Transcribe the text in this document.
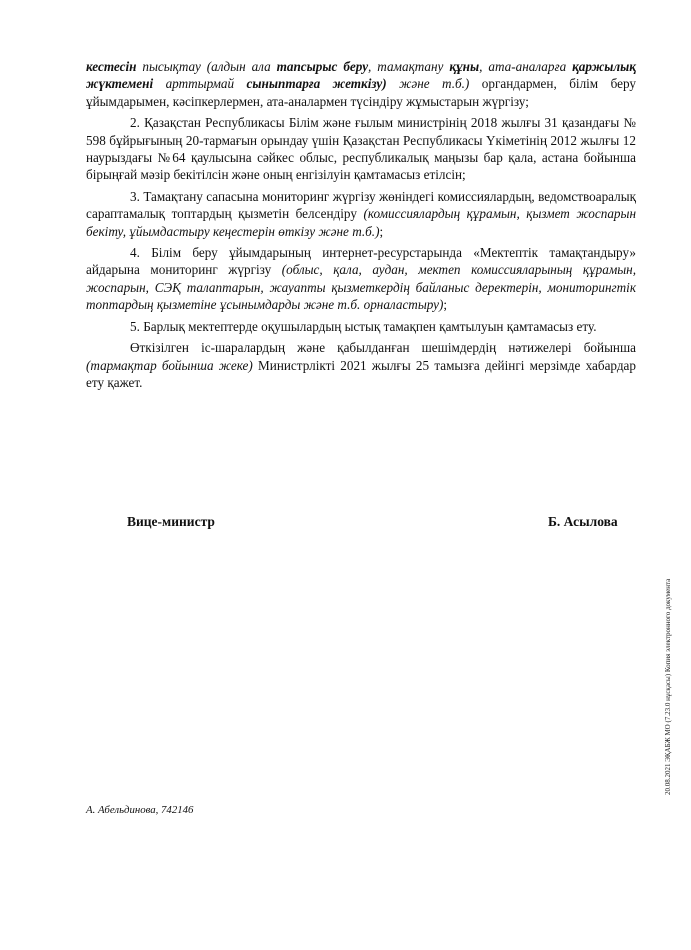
кестесін пысықтау (алдын ала тапсырыс беру, тамақтану құны, ата-аналарға қаржылық жүктемені арттырмай сыныптарға жеткізу) және т.б.) органдармен, білім беру ұйымдарымен, кәсіпкерлермен, ата-аналармен түсіндіру жұмыстарын жүргізу;

2. Қазақстан Республикасы Білім және ғылым министрінің 2018 жылғы 31 қазандағы № 598 бұйрығының 20-тармағын орындау үшін Қазақстан Республикасы Үкіметінің 2012 жылғы 12 наурыздағы №64 қаулысына сәйкес облыс, республикалық маңызы бар қала, астана бойынша бірыңғай мәзір бекітілсін және оның енгізілуін қамтамасыз етілсін;

3. Тамақтану сапасына мониторинг жүргізу жөніндегі комиссиялардың, ведомствоаралық сараптамалық топтардың қызметін белсендіру (комиссиялардың құрамын, қызмет жоспарын бекіту, ұйымдастыру кеңестерін өткізу және т.б.);

4. Білім беру ұйымдарының интернет-ресурстарында «Мектептік тамақтандыру» айдарына мониторинг жүргізу (облыс, қала, аудан, мектеп комиссияларының құрамын, жоспарын, СЭҚ талаптарын, жауапты қызметкердің байланыс деректерін, мониторингтік топтардың қызметіне ұсынымдарды және т.б. орналастыру);

5. Барлық мектептерде оқушылардың ыстық тамақпен қамтылуын қамтамасыз ету.

Өткізілген іс-шаралардың және қабылданған шешімдердің нәтижелері бойынша (тармақтар бойынша жеке) Министрлікті 2021 жылғы 25 тамызға дейінгі мерзімде хабардар ету қажет.

Вице-министр	Б. Асылова
А. Абельдинова, 742146
20.08.2021 ЭҚАБЖ МО (7.23.0 нұсқасы) Копия электронного документа
